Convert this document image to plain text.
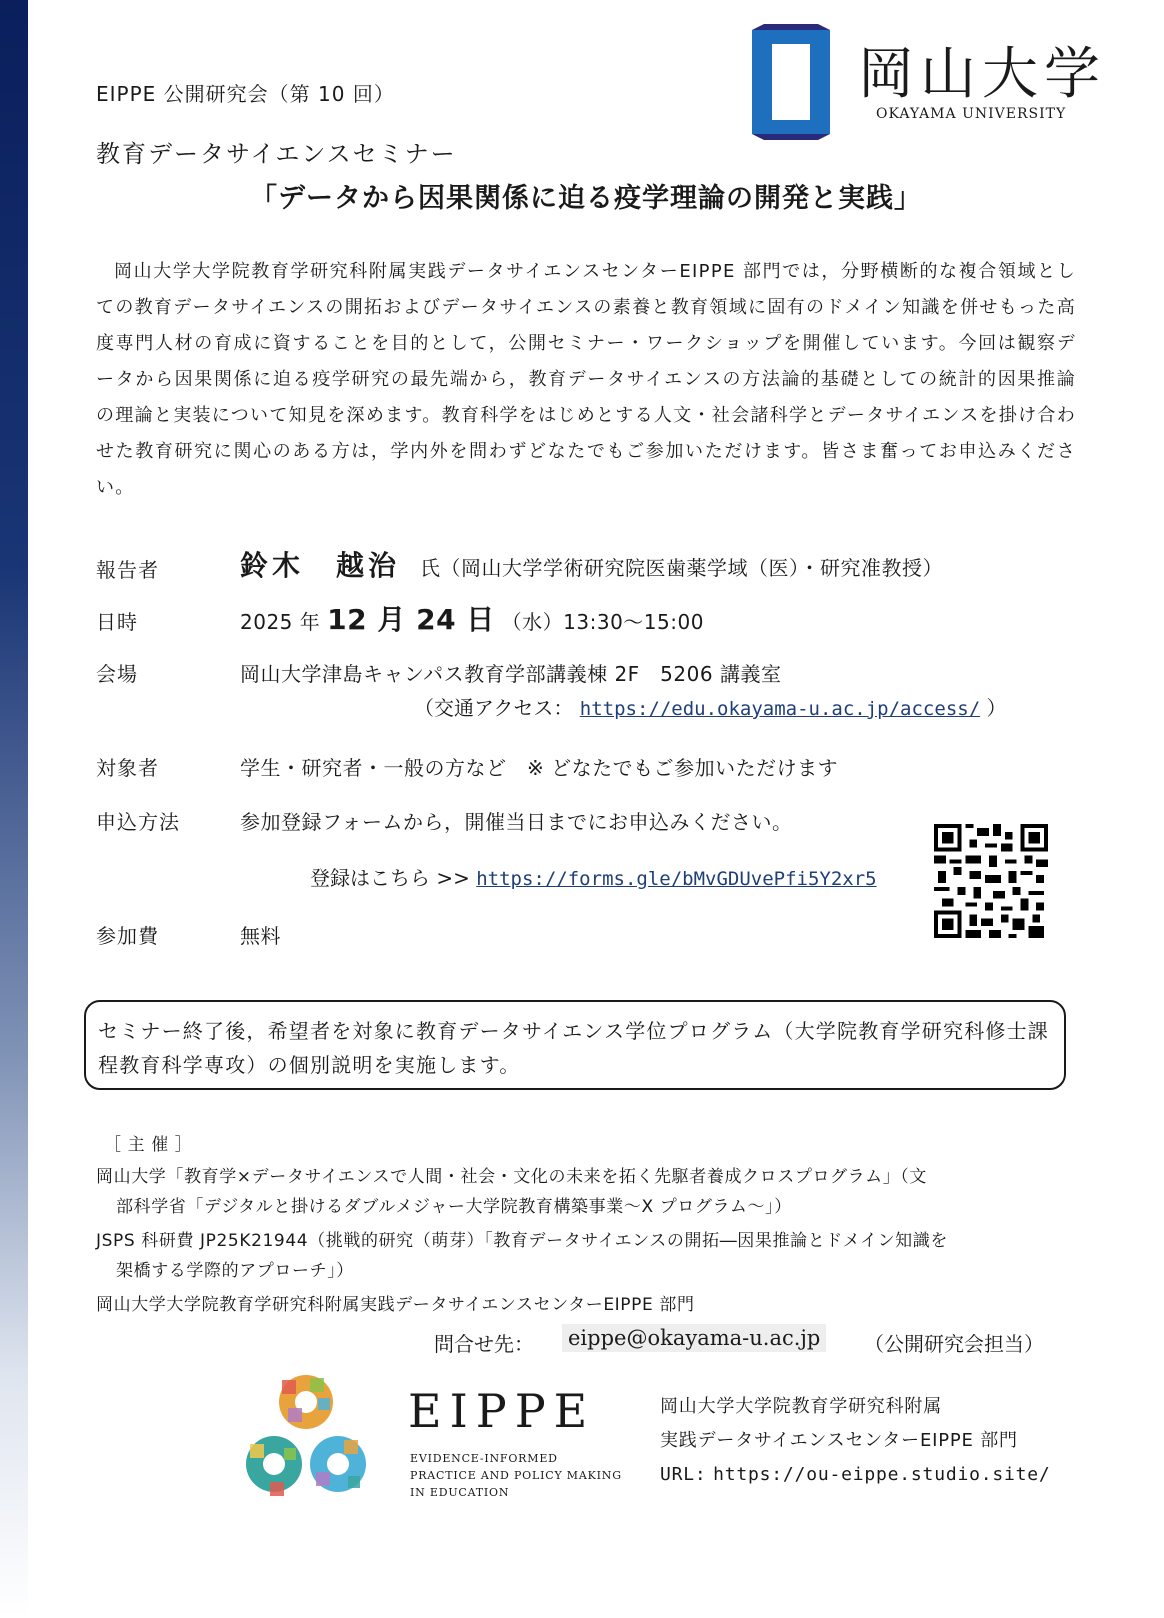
EIPPE 公開研究会（第 10 回）
教育データサイエンスセミナー
「データから因果関係に迫る疫学理論の開発と実践」
岡山大学
OKAYAMA UNIVERSITY
岡山大学大学院教育学研究科附属実践データサイエンスセンターEIPPE 部門では，分野横断的な複合領域としての教育データサイエンスの開拓およびデータサイエンスの素養と教育領域に固有のドメイン知識を併せもった高度専門人材の育成に資することを目的として，公開セミナー・ワークショップを開催しています。今回は観察データから因果関係に迫る疫学研究の最先端から，教育データサイエンスの方法論的基礎としての統計的因果推論の理論と実装について知見を深めます。教育科学をはじめとする人文・社会諸科学とデータサイエンスを掛け合わせた教育研究に関心のある方は，学内外を問わずどなたでもご参加いただけます。皆さま奮ってお申込みください。
報告者	鈴木　越治 氏（岡山大学学術研究院医歯薬学域（医）・研究准教授）
日時	2025 年 12 月 24 日 （水）13:30～15:00
会場	岡山大学津島キャンパス教育学部講義棟 2F　5206 講義室
（交通アクセス： https://edu.okayama-u.ac.jp/access/ ）
対象者	学生・研究者・一般の方など　※ どなたでもご参加いただけます
申込方法	参加登録フォームから，開催当日までにお申込みください。
登録はこちら >> https://forms.gle/bMvGDUvePfi5Y2xr5
参加費	無料
セミナー終了後，希望者を対象に教育データサイエンス学位プログラム（大学院教育学研究科修士課程教育科学専攻）の個別説明を実施します。
［ 主 催 ］
岡山大学「教育学×データサイエンスで人間・社会・文化の未来を拓く先駆者養成クロスプログラム」（文
部科学省「デジタルと掛けるダブルメジャー大学院教育構築事業～X プログラム～」）
JSPS 科研費 JP25K21944（挑戦的研究（萌芽）「教育データサイエンスの開拓―因果推論とドメイン知識を
架橋する学際的アプローチ」）
岡山大学大学院教育学研究科附属実践データサイエンスセンターEIPPE 部門
問合せ先： eippe@okayama-u.ac.jp	（公開研究会担当）
EIPPE
EVIDENCE-INFORMED
PRACTICE AND POLICY MAKING
IN EDUCATION
岡山大学大学院教育学研究科附属
実践データサイエンスセンターEIPPE 部門
URL: https://ou-eippe.studio.site/
